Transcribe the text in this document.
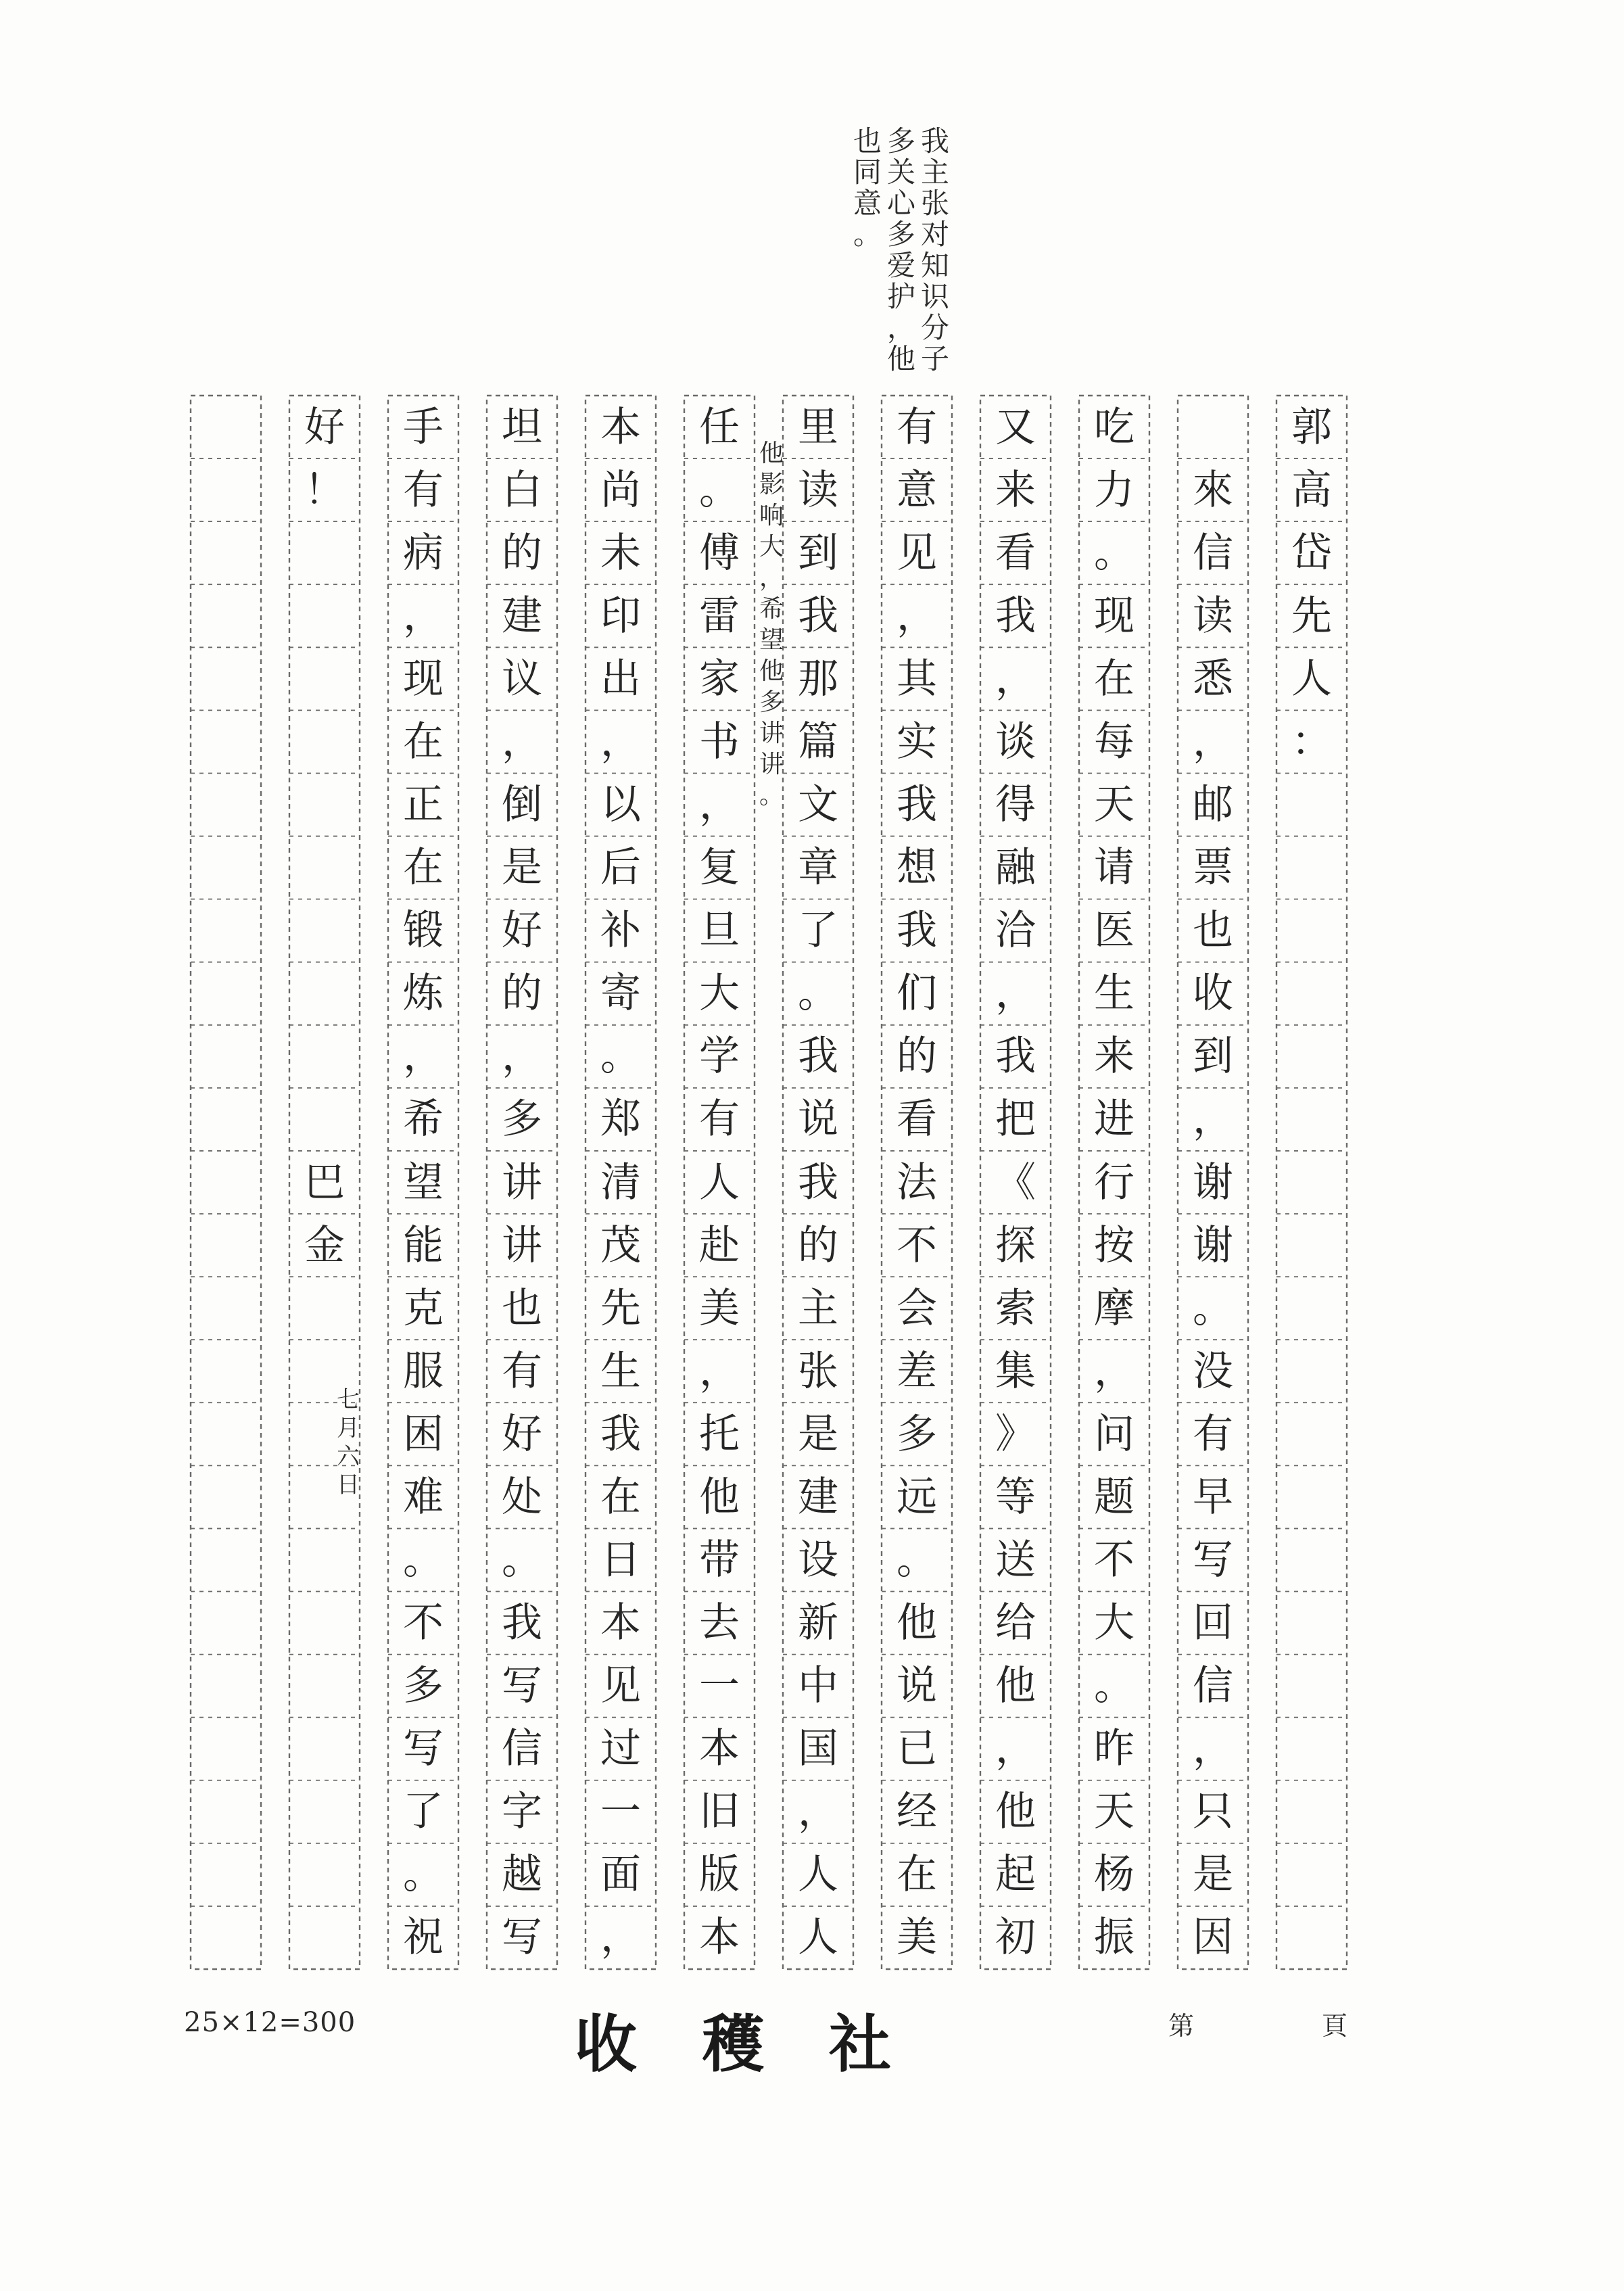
郭
高
岱
先
人
：

來
信
读
悉
，
邮
票
也
收
到
，
谢
谢
。
没
有
早
写
回
信
，
只
是
因
吃
力
。
现
在
每
天
请
医
生
来
进
行
按
摩
，
问
题
不
大
。
昨
天
杨
振
又
来
看
我
，
谈
得
融
洽
，
我
把
《
探
索
集
》
等
送
给
他
，
他
起
初
有
意
见
，
其
实
我
想
我
们
的
看
法
不
会
差
多
远
。
他
说
已
经
在
美
里
读
到
我
那
篇
文
章
了
。
我
说
我
的
主
张
是
建
设
新
中
国
，
人
人
任
。
傅
雷
家
书
，
复
旦
大
学
有
人
赴
美
，
托
他
带
去
一
本
旧
版
本
本
尚
未
印
出
，
以
后
补
寄
。
郑
清
茂
先
生
我
在
日
本
见
过
一
面
，
坦
白
的
建
议
，
倒
是
好
的
，
多
讲
讲
也
有
好
处
。
我
写
信
字
越
写
手
有
病
，
现
在
正
在
锻
炼
，
希
望
能
克
服
困
难
。
不
多
写
了
。
祝
好
！
我
主
张
对
知
识
分
子
多
关
心
多
爱
护
，
他
也
同
意
。
他
影
响
大
，
希
望
他
多
讲
讲
。
巴
金
七
月
六
日
25×12=300	收穫社	第	頁
